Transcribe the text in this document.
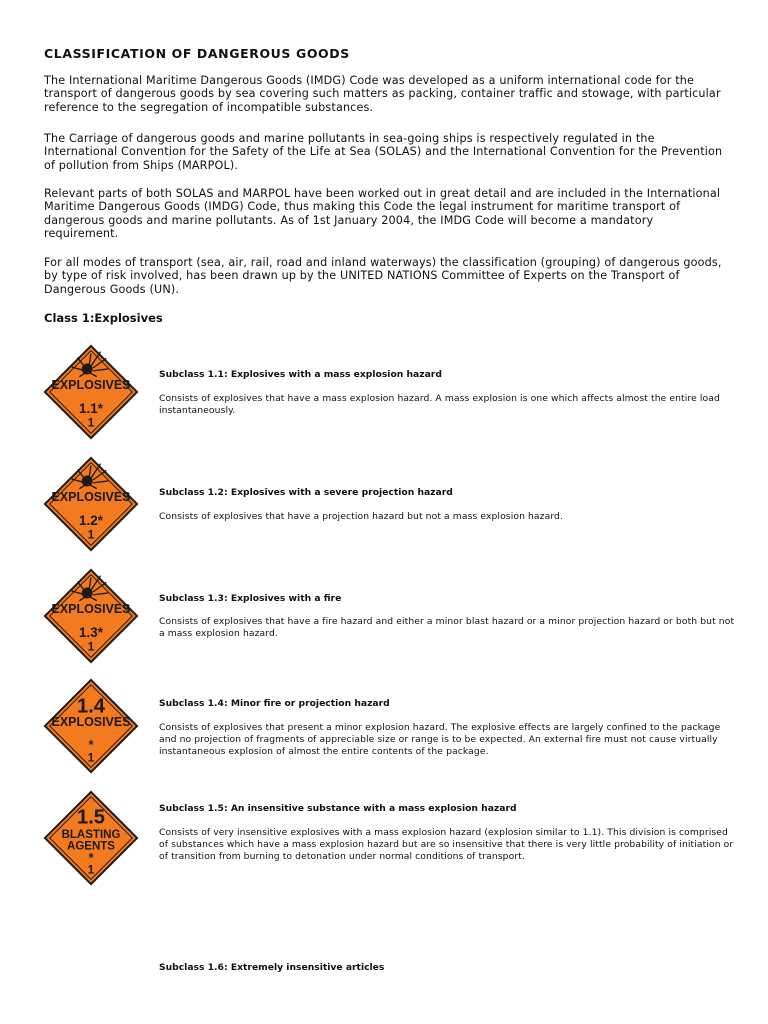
CLASSIFICATION OF DANGEROUS GOODS
The International Maritime Dangerous Goods (IMDG) Code was developed as a uniform international code for the transport of dangerous goods by sea covering such matters as packing, container traffic and stowage, with particular reference to the segregation of incompatible substances.
The Carriage of dangerous goods and marine pollutants in sea-going ships is respectively regulated in the International Convention for the Safety of the Life at Sea (SOLAS) and the International Convention for the Prevention of pollution from Ships (MARPOL).
Relevant parts of both SOLAS and MARPOL have been worked out in great detail and are included in the International Maritime Dangerous Goods (IMDG) Code, thus making this Code the legal instrument for maritime transport of dangerous goods and marine pollutants. As of 1st January 2004, the IMDG Code will become a mandatory requirement.
For all modes of transport (sea, air, rail, road and inland waterways) the classification (grouping) of dangerous goods, by type of risk involved, has been drawn up by the UNITED NATIONS Committee of Experts on the Transport of Dangerous Goods (UN).
Class 1:Explosives
EXPLOSIVES
1.1*
1
Subclass 1.1: Explosives with a mass explosion hazard
Consists of explosives that have a mass explosion hazard. A mass explosion is one which affects almost the entire load instantaneously.
EXPLOSIVES
1.2*
1
Subclass 1.2: Explosives with a severe projection hazard
Consists of explosives that have a projection hazard but not a mass explosion hazard.
EXPLOSIVES
1.3*
1
Subclass 1.3: Explosives with a fire
Consists of explosives that have a fire hazard and either a minor blast hazard or a minor projection hazard or both but not a mass explosion hazard.
1.4
EXPLOSIVES
*
1
Subclass 1.4: Minor fire or projection hazard
Consists of explosives that present a minor explosion hazard. The explosive effects are largely confined to the package and no projection of fragments of appreciable size or range is to be expected. An external fire must not cause virtually instantaneous explosion of almost the entire contents of the package.
1.5
BLASTING
AGENTS
*
1
Subclass 1.5: An insensitive substance with a mass explosion hazard
Consists of very insensitive explosives with a mass explosion hazard (explosion similar to 1.1). This division is comprised of substances which have a mass explosion hazard but are so insensitive that there is very little probability of initiation or of transition from burning to detonation under normal conditions of transport.
Subclass 1.6: Extremely insensitive articles
